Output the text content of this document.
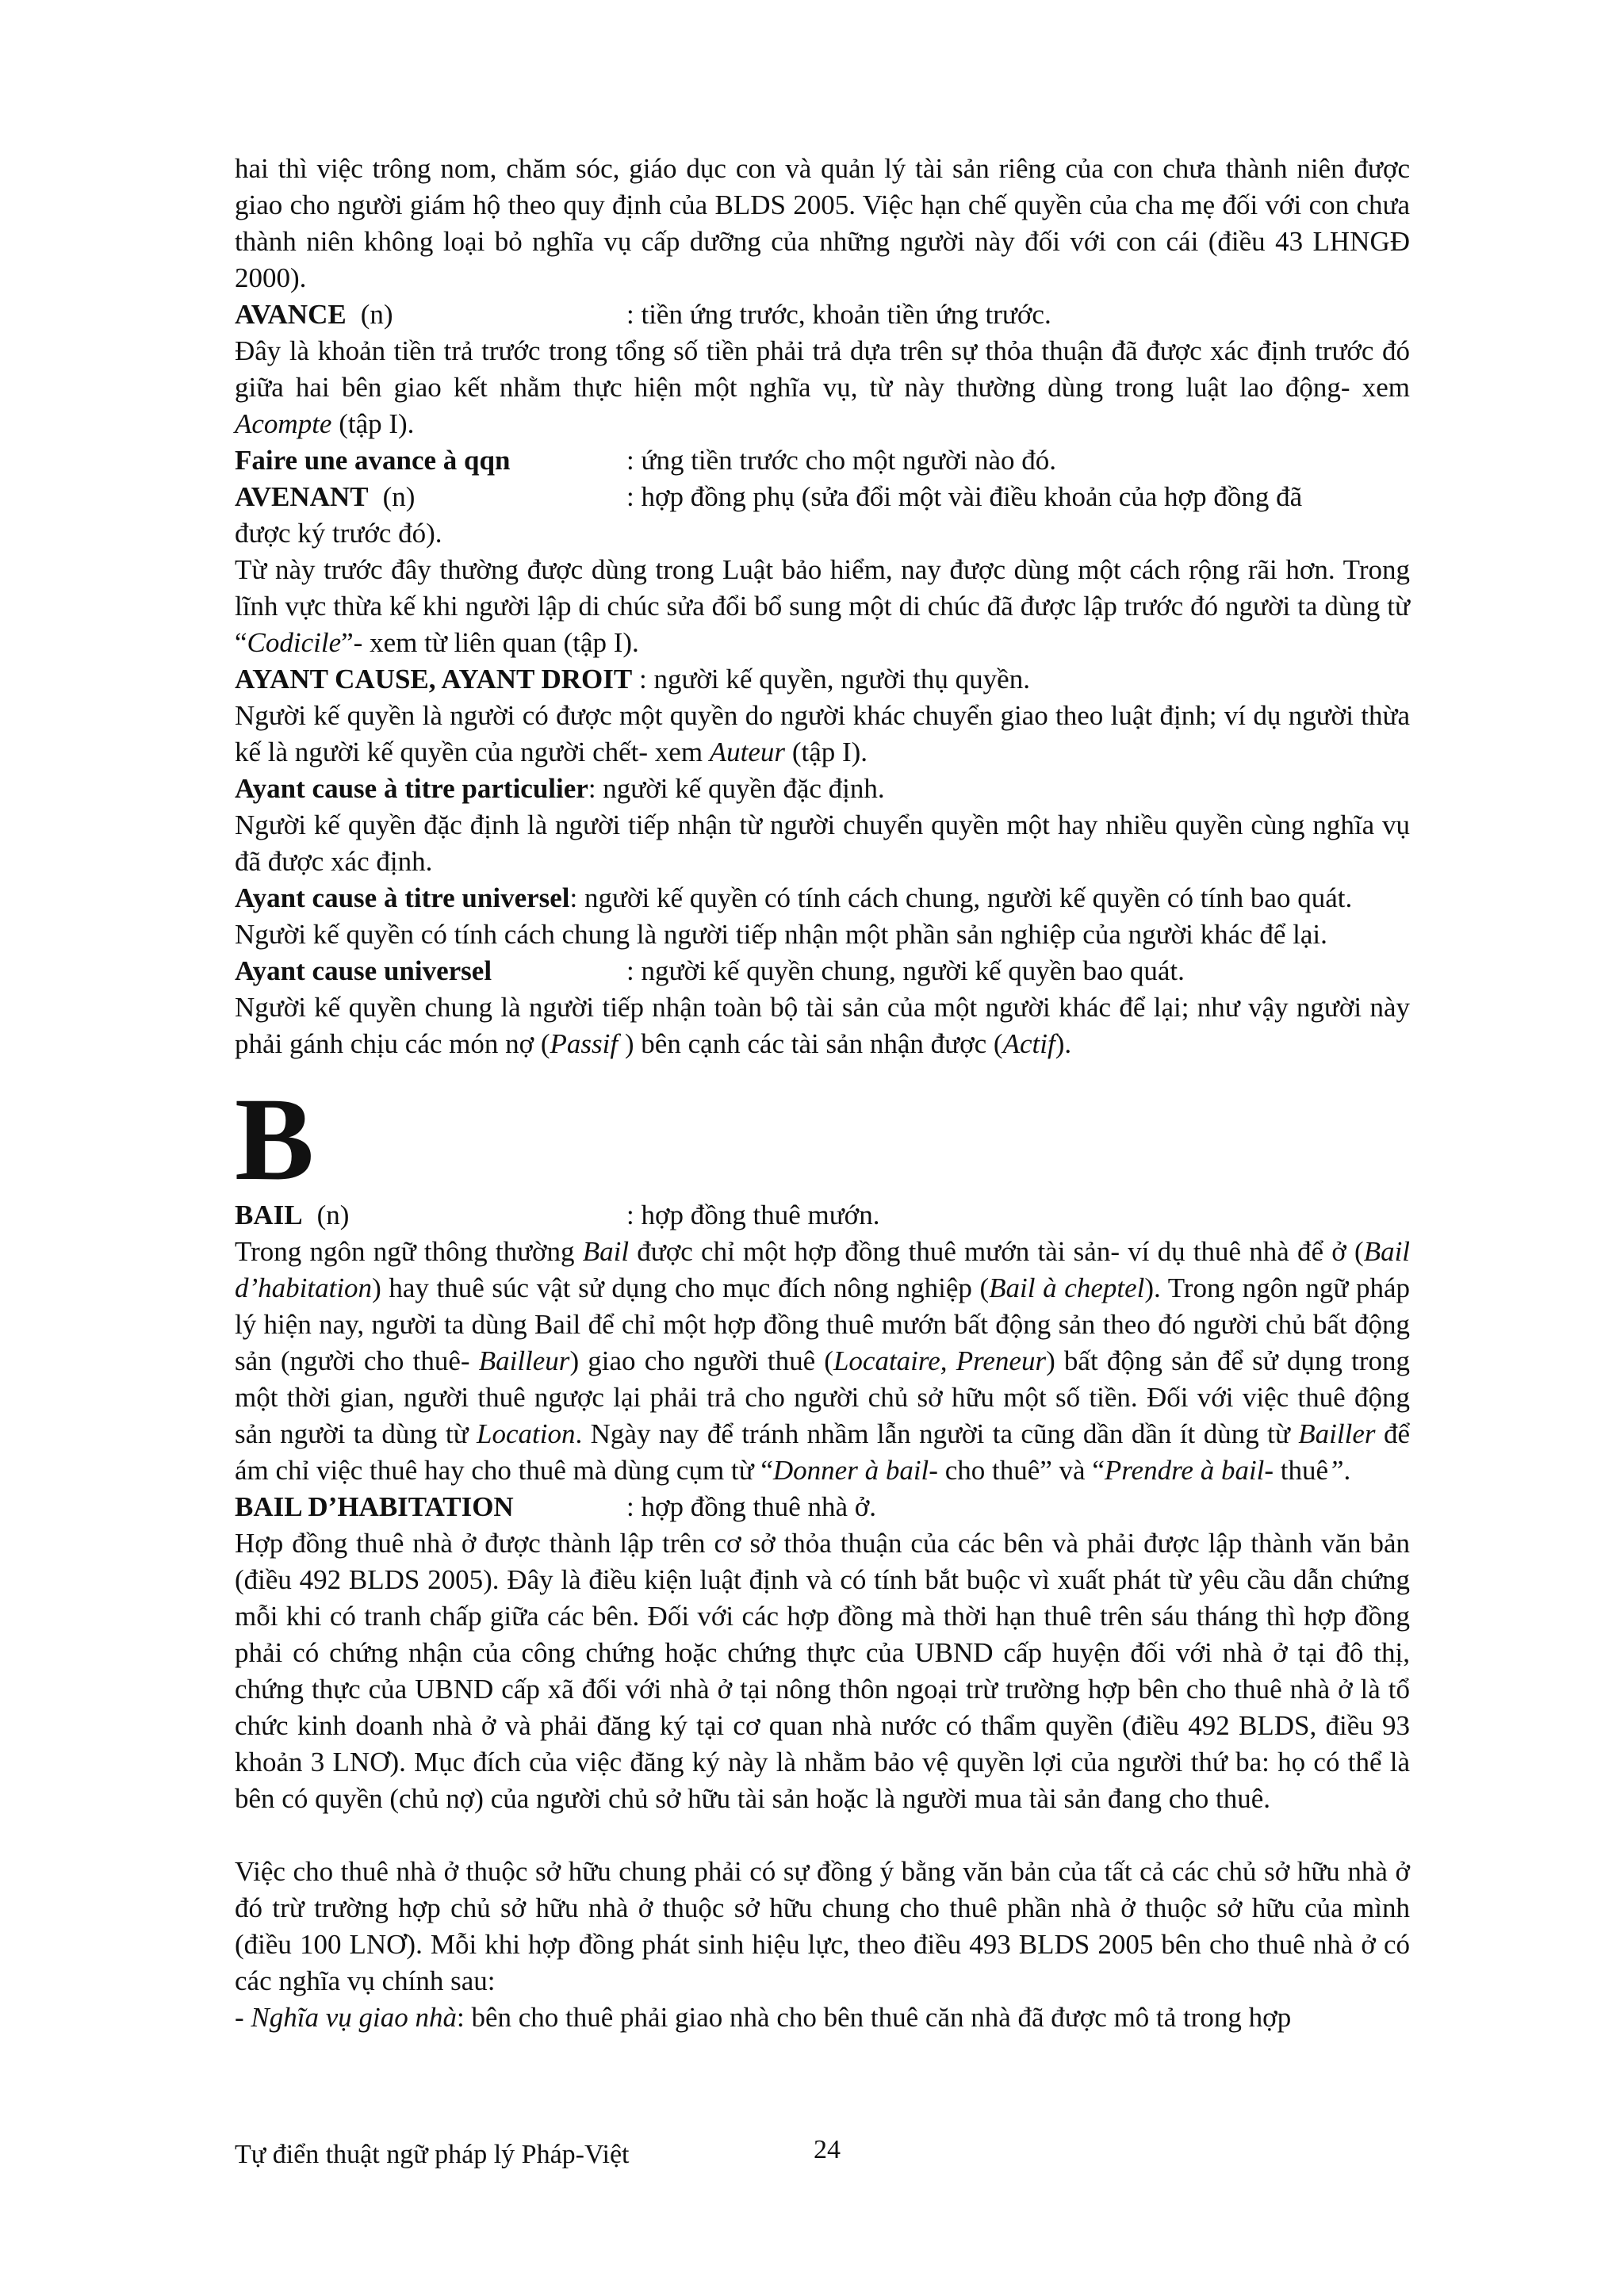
hai thì việc trông nom, chăm sóc, giáo dục con và quản lý tài sản riêng của con chưa thành niên được giao cho người giám hộ theo quy định của BLDS 2005. Việc hạn chế quyền của cha mẹ đối với con chưa thành niên không loại bỏ nghĩa vụ cấp dưỡng của những người này đối với con cái (điều 43 LHNGĐ 2000).

AVANCE (n)	: tiền ứng trước, khoản tiền ứng trước.

Đây là khoản tiền trả trước trong tổng số tiền phải trả dựa trên sự thỏa thuận đã được xác định trước đó giữa hai bên giao kết nhằm thực hiện một nghĩa vụ, từ này thường dùng trong luật lao động- xem Acompte (tập I).

Faire une avance à qqn	: ứng tiền trước cho một người nào đó.
AVENANT (n)	: hợp đồng phụ (sửa đổi một vài điều khoản của hợp đồng đã

được ký trước đó).

Từ này trước đây thường được dùng trong Luật bảo hiểm, nay được dùng một cách rộng rãi hơn. Trong lĩnh vực thừa kế khi người lập di chúc sửa đổi bổ sung một di chúc đã được lập trước đó người ta dùng từ “Codicile”- xem từ liên quan (tập I).

AYANT CAUSE, AYANT DROIT : người kế quyền, người thụ quyền.

Người kế quyền là người có được một quyền do người khác chuyển giao theo luật định; ví dụ người thừa kế là người kế quyền của người chết- xem Auteur (tập I).

Ayant cause à titre particulier: người kế quyền đặc định.

Người kế quyền đặc định là người tiếp nhận từ người chuyển quyền một hay nhiều quyền cùng nghĩa vụ đã được xác định.

Ayant cause à titre universel: người kế quyền có tính cách chung, người kế quyền có tính bao quát.

Người kế quyền có tính cách chung là người tiếp nhận một phần sản nghiệp của người khác để lại.

Ayant cause universel	: người kế quyền chung, người kế quyền bao quát.

Người kế quyền chung là người tiếp nhận toàn bộ tài sản của một người khác để lại; như vậy người này phải gánh chịu các món nợ (Passif ) bên cạnh các tài sản nhận được (Actif).

B
BAIL (n)	: hợp đồng thuê mướn.

Trong ngôn ngữ thông thường Bail được chỉ một hợp đồng thuê mướn tài sản- ví dụ thuê nhà để ở (Bail d’habitation) hay thuê súc vật sử dụng cho mục đích nông nghiệp (Bail à cheptel). Trong ngôn ngữ pháp lý hiện nay, người ta dùng Bail để chỉ một hợp đồng thuê mướn bất động sản theo đó người chủ bất động sản (người cho thuê- Bailleur) giao cho người thuê (Locataire, Preneur) bất động sản để sử dụng trong một thời gian, người thuê ngược lại phải trả cho người chủ sở hữu một số tiền. Đối với việc thuê động sản người ta dùng từ Location. Ngày nay để tránh nhầm lẫn người ta cũng dần dần ít dùng từ Bailler để ám chỉ việc thuê hay cho thuê mà dùng cụm từ “Donner à bail- cho thuê” và “Prendre à bail- thuê”.

BAIL D’HABITATION	: hợp đồng thuê nhà ở.

Hợp đồng thuê nhà ở được thành lập trên cơ sở thỏa thuận của các bên và phải được lập thành văn bản (điều 492 BLDS 2005). Đây là điều kiện luật định và có tính bắt buộc vì xuất phát từ yêu cầu dẫn chứng mỗi khi có tranh chấp giữa các bên. Đối với các hợp đồng mà thời hạn thuê trên sáu tháng thì hợp đồng phải có chứng nhận của công chứng hoặc chứng thực của UBND cấp huyện đối với nhà ở tại đô thị, chứng thực của UBND cấp xã đối với nhà ở tại nông thôn ngoại trừ trường hợp bên cho thuê nhà ở là tổ chức kinh doanh nhà ở và phải đăng ký tại cơ quan nhà nước có thẩm quyền (điều 492 BLDS, điều 93 khoản 3 LNƠ). Mục đích của việc đăng ký này là nhằm bảo vệ quyền lợi của người thứ ba: họ có thể là bên có quyền (chủ nợ) của người chủ sở hữu tài sản hoặc là người mua tài sản đang cho thuê.

Việc cho thuê nhà ở thuộc sở hữu chung phải có sự đồng ý bằng văn bản của tất cả các chủ sở hữu nhà ở đó trừ trường hợp chủ sở hữu nhà ở thuộc sở hữu chung cho thuê phần nhà ở thuộc sở hữu của mình (điều 100 LNƠ). Mỗi khi hợp đồng phát sinh hiệu lực, theo điều 493 BLDS 2005 bên cho thuê nhà ở có các nghĩa vụ chính sau:

- Nghĩa vụ giao nhà: bên cho thuê phải giao nhà cho bên thuê căn nhà đã được mô tả trong hợp

Tự điển thuật ngữ pháp lý Pháp-Việt	24
